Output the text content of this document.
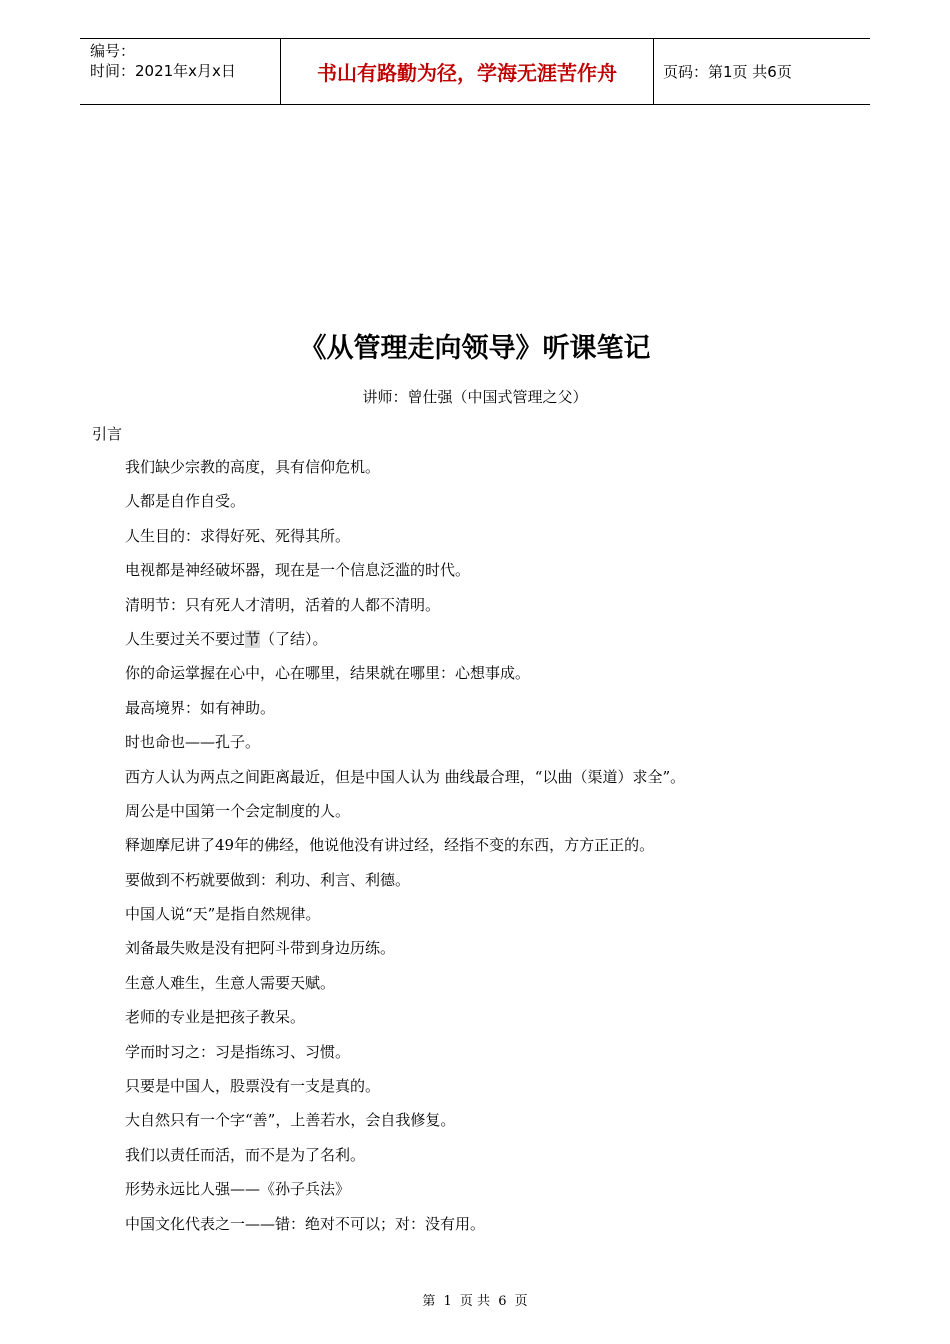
编号：
时间：2021年x月x日	书山有路勤为径，学海无涯苦作舟	页码：第1页 共6页
《从管理走向领导》听课笔记
讲师：曾仕强（中国式管理之父）
引言
我们缺少宗教的高度，具有信仰危机。
人都是自作自受。
人生目的：求得好死、死得其所。
电视都是神经破坏器，现在是一个信息泛滥的时代。
清明节：只有死人才清明，活着的人都不清明。
人生要过关不要过节（了结）。
你的命运掌握在心中，心在哪里，结果就在哪里：心想事成。
最高境界：如有神助。
时也命也——孔子。
西方人认为两点之间距离最近，但是中国人认为 曲线最合理，“以曲（渠道）求全”。
周公是中国第一个会定制度的人。
释迦摩尼讲了49年的佛经，他说他没有讲过经，经指不变的东西，方方正正的。
要做到不朽就要做到：利功、利言、利德。
中国人说“天”是指自然规律。
刘备最失败是没有把阿斗带到身边历练。
生意人难生，生意人需要天赋。
老师的专业是把孩子教呆。
学而时习之：习是指练习、习惯。
只要是中国人，股票没有一支是真的。
大自然只有一个字“善”，上善若水，会自我修复。
我们以责任而活，而不是为了名利。
形势永远比人强——《孙子兵法》
中国文化代表之一——错：绝对不可以；对：没有用。
第 1 页 共 6 页
